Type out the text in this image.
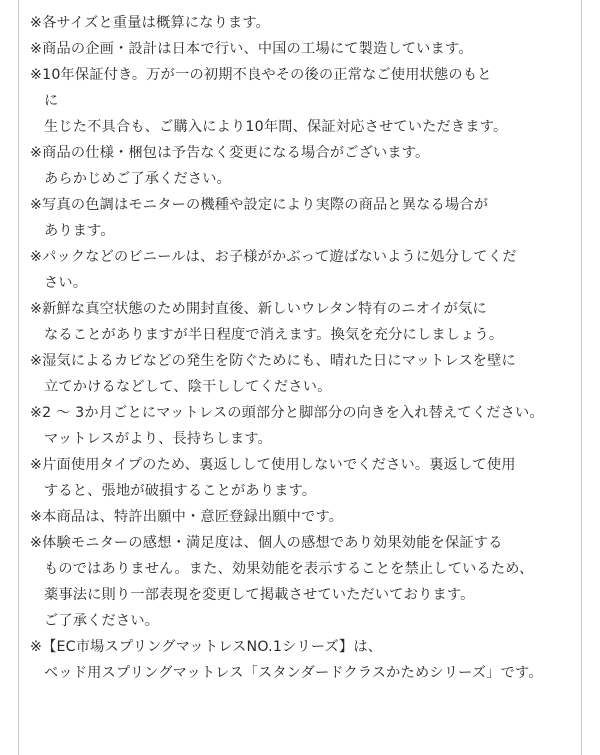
※各サイズと重量は概算になります。
※商品の企画・設計は日本で行い、中国の工場にて製造しています。
※10年保証付き。万が一の初期不良やその後の正常なご使用状態のもと
に
生じた不具合も、ご購入により10年間、保証対応させていただきます。
※商品の仕様・梱包は予告なく変更になる場合がございます。
あらかじめご了承ください。
※写真の色調はモニターの機種や設定により実際の商品と異なる場合が
あります。
※パックなどのビニールは、お子様がかぶって遊ばないように処分してくだ
さい。
※新鮮な真空状態のため開封直後、新しいウレタン特有のニオイが気に
なることがありますが半日程度で消えます。換気を充分にしましょう。
※湿気によるカビなどの発生を防ぐためにも、晴れた日にマットレスを壁に
立てかけるなどして、陰干ししてください。
※2 ～ 3か月ごとにマットレスの頭部分と脚部分の向きを入れ替えてください。
マットレスがより、長持ちします。
※片面使用タイプのため、裏返しして使用しないでください。裏返して使用
すると、張地が破損することがあります。
※本商品は、特許出願中・意匠登録出願中です。
※体験モニターの感想・満足度は、個人の感想であり効果効能を保証する
ものではありません。また、効果効能を表示することを禁止しているため、
薬事法に則り一部表現を変更して掲載させていただいております。
ご了承ください。
※【EC市場スプリングマットレスNO.1シリーズ】は、
ベッド用スプリングマットレス「スタンダードクラスかためシリーズ」です。
